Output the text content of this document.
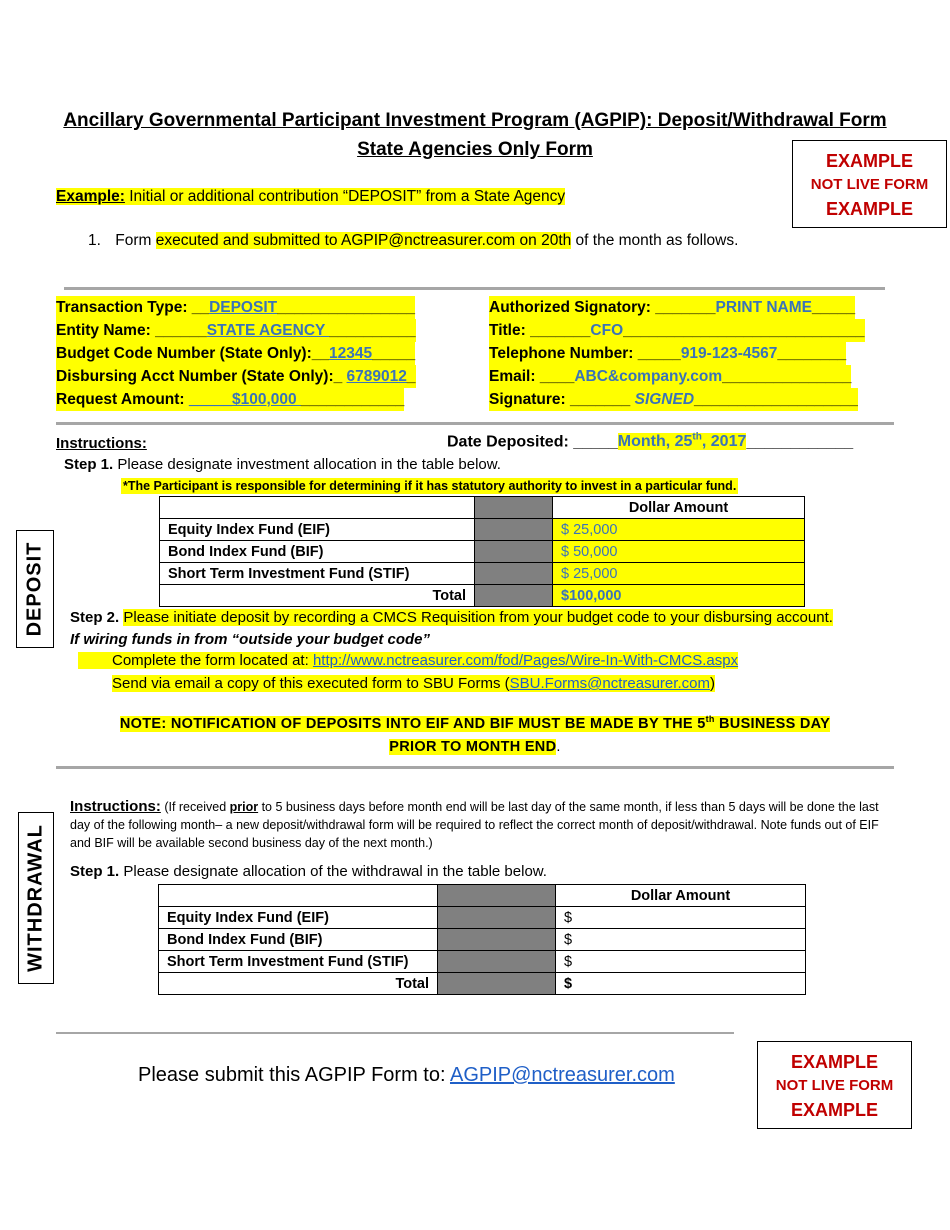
Ancillary Governmental Participant Investment Program (AGPIP): Deposit/Withdrawal Form
State Agencies Only Form
EXAMPLE
NOT LIVE FORM
EXAMPLE
Example: Initial or additional contribution “DEPOSIT” from a State Agency
1. Form executed and submitted to AGPIP@nctreasurer.com on 20th of the month as follows.
Transaction Type: __DEPOSIT________________
Entity Name: ______STATE AGENCY __________
Budget Code Number (State Only):__12345_____
Disbursing Acct Number (State Only):_ 6789012_
Request Amount: _____$100,000 ____________
Authorized Signatory: _______PRINT NAME_____
Title: _______CFO____________________________
Telephone Number: _____919-123-4567________
Email: ____ABC&company.com_______________
Signature: _______ SIGNED___________________
Instructions:	Date Deposited: _____Month, 25th, 2017____________
Step 1. Please designate investment allocation in the table below.
*The Participant is responsible for determining if it has statutory authority to invest in a particular fund.
DEPOSIT
		Dollar Amount
Equity Index Fund (EIF)		$ 25,000
Bond Index Fund (BIF)		$ 50,000
Short Term Investment Fund (STIF)		$ 25,000
Total		$100,000
Step 2. Please initiate deposit by recording a CMCS Requisition from your budget code to your disbursing account.
If wiring funds in from “outside your budget code”
Complete the form located at: http://www.nctreasurer.com/fod/Pages/Wire-In-With-CMCS.aspx
Send via email a copy of this executed form to SBU Forms (SBU.Forms@nctreasurer.com)
NOTE: NOTIFICATION OF DEPOSITS INTO EIF AND BIF MUST BE MADE BY THE 5th BUSINESS DAY
PRIOR TO MONTH END.
WITHDRAWAL
Instructions: (If received prior to 5 business days before month end will be last day of the same month, if less than 5 days will be done the last day of the following month– a new deposit/withdrawal form will be required to reflect the correct month of deposit/withdrawal. Note funds out of EIF and BIF will be available second business day of the next month.)
Step 1. Please designate allocation of the withdrawal in the table below.
		Dollar Amount
Equity Index Fund (EIF)		$
Bond Index Fund (BIF)		$
Short Term Investment Fund (STIF)		$
Total		$
Please submit this AGPIP Form to: AGPIP@nctreasurer.com
EXAMPLE
NOT LIVE FORM
EXAMPLE
